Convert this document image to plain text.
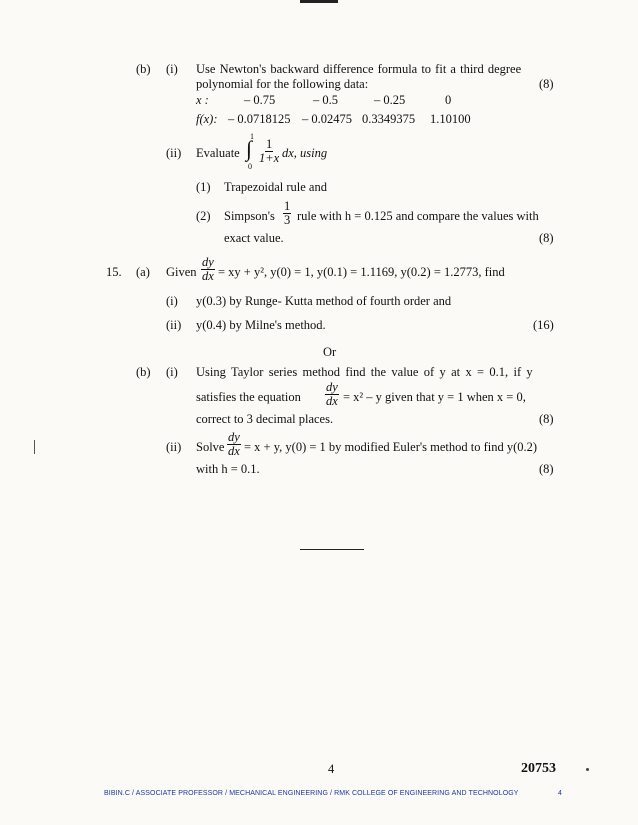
(b) (i) Use Newton's backward difference formula to fit a third degree
polynomial for the following data:	(8)
x :	– 0.75	– 0.5	– 0.25	0
f(x): – 0.0718125 – 0.02475 0.3349375 1.10100
(ii) Evaluate
1
∫
0
$\frac{1}{1+x}$ dx, using
(1) Trapezoidal rule and
(2) Simpson's $\frac{1}{3}$ rule with h = 0.125 and compare the values with
exact value.	(8)
15. (a) Given $\frac{dy}{dx}$ = xy + y², y(0) = 1, y(0.1) = 1.1169, y(0.2) = 1.2773, find
(i) y(0.3) by Runge- Kutta method of fourth order and
(ii) y(0.4) by Milne's method.	(16)
Or
(b) (i) Using Taylor series method find the value of y at x = 0.1, if y
satisfies the equation $\frac{dy}{dx} = x^2 - y$ given that y = 1 when x = 0,
correct to 3 decimal places.	(8)
(ii) Solve $\frac{dy}{dx} = x + y$, y(0) = 1 by modified Euler's method to find y(0.2)
with h = 0.1.	(8)
4	20753
BIBIN.C / ASSOCIATE PROFESSOR / MECHANICAL ENGINEERING / RMK COLLEGE OF ENGINEERING AND TECHNOLOGY	4
